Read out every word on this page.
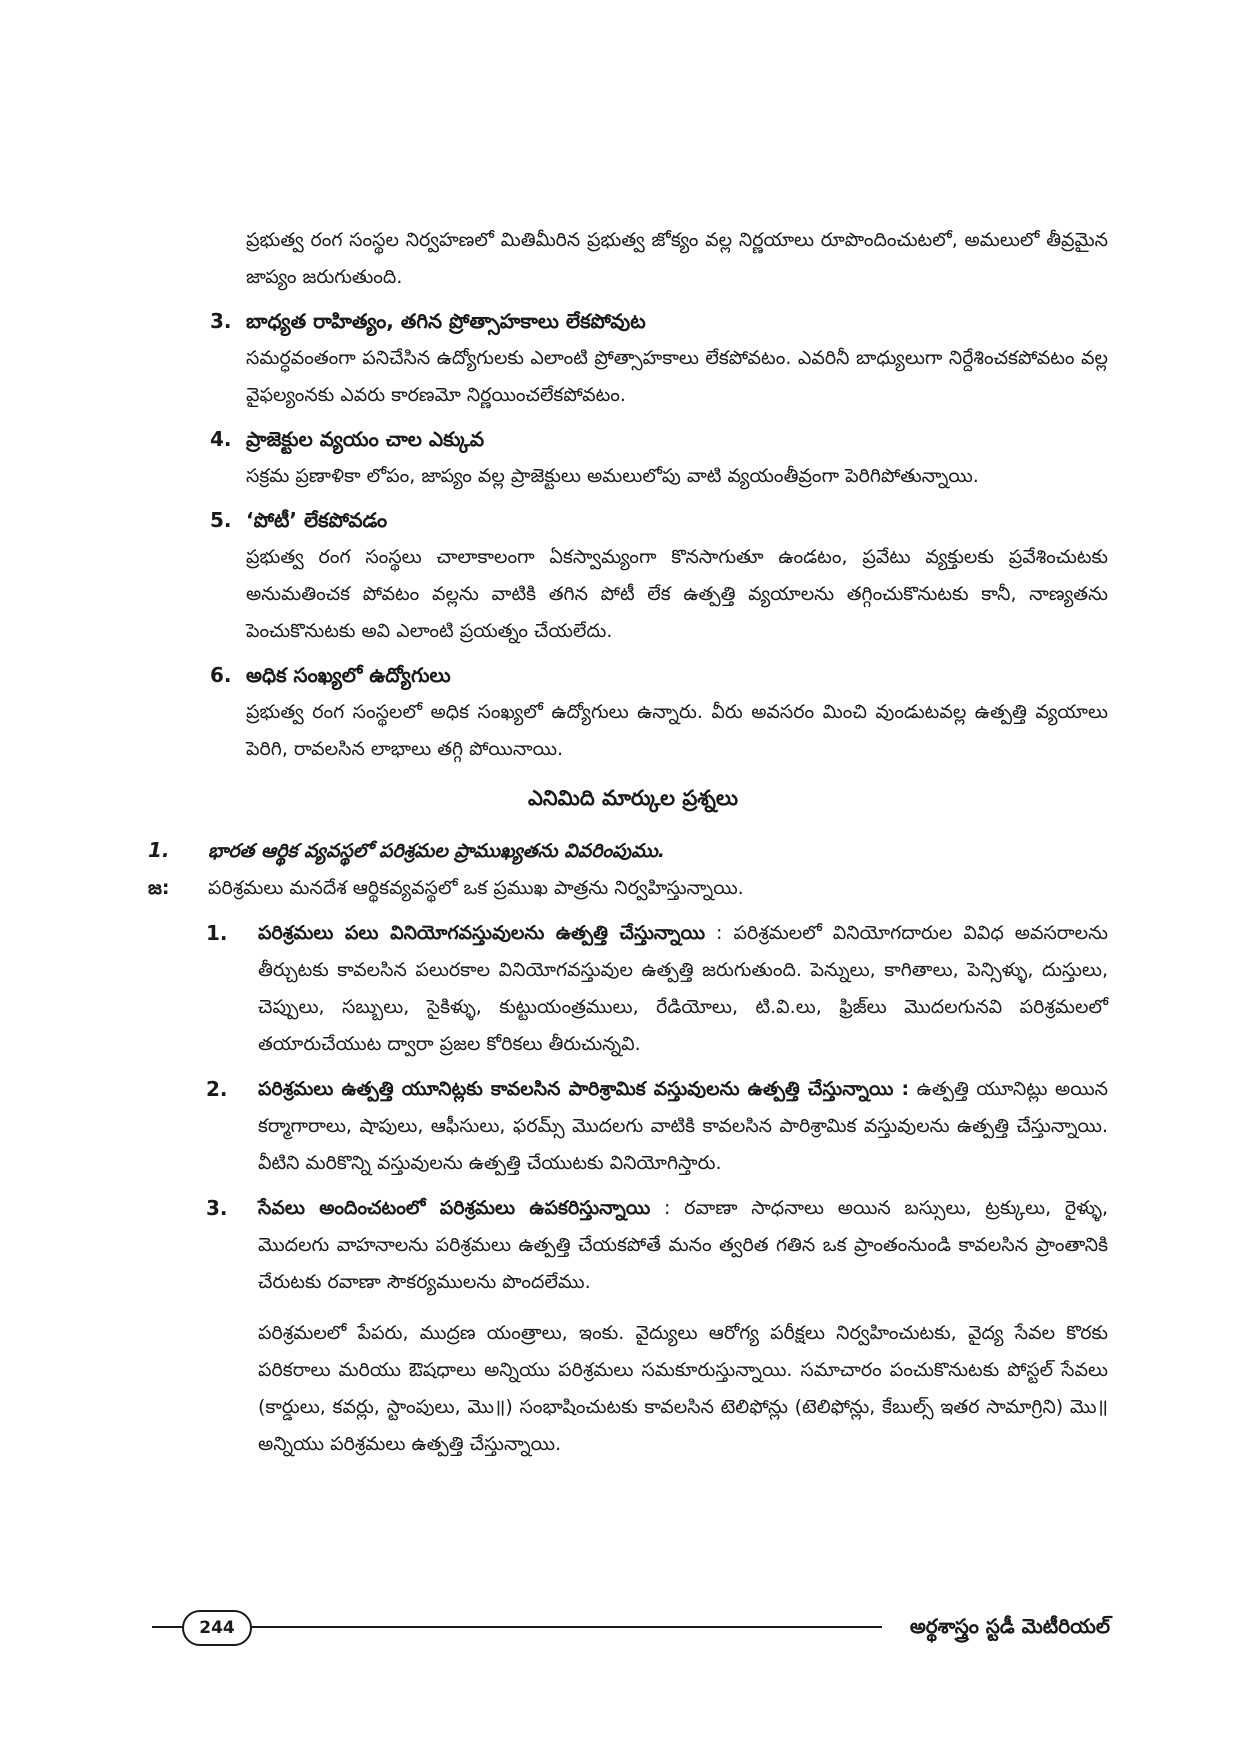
ప్రభుత్వ రంగ సంస్థల నిర్వహణలో మితిమీరిన ప్రభుత్వ జోక్యం వల్ల నిర్ణయాలు రూపొందించుటలో, అమలులో తీవ్రమైన జాప్యం జరుగుతుంది.

3. బాధ్యత రాహిత్యం, తగిన ప్రోత్సాహకాలు లేకపోవుట

సమర్ధవంతంగా పనిచేసిన ఉద్యోగులకు ఎలాంటి ప్రోత్సాహకాలు లేకపోవటం. ఎవరినీ బాధ్యులుగా నిర్దేశించకపోవటం వల్ల వైఫల్యంనకు ఎవరు కారణమో నిర్ణయించలేకపోవటం.

4. ప్రాజెక్టుల వ్యయం చాల ఎక్కువ

సక్రమ ప్రణాళికా లోపం, జాప్యం వల్ల ప్రాజెక్టులు అమలులోపు వాటి వ్యయంతీవ్రంగా పెరిగిపోతున్నాయి.

5. ‘పోటీ’ లేకపోవడం

ప్రభుత్వ రంగ సంస్థలు చాలాకాలంగా ఏకస్వామ్యంగా కొనసాగుతూ ఉండటం, ప్రవేటు వ్యక్తులకు ప్రవేశించుటకు అనుమతించక పోవటం వల్లను వాటికి తగిన పోటీ లేక ఉత్పత్తి వ్యయాలను తగ్గించుకొనుటకు కానీ, నాణ్యతను పెంచుకొనుటకు అవి ఎలాంటి ప్రయత్నం చేయలేదు.

6. అధిక సంఖ్యలో ఉద్యోగులు

ప్రభుత్వ రంగ సంస్థలలో అధిక సంఖ్యలో ఉద్యోగులు ఉన్నారు. వీరు అవసరం మించి వుండుటవల్ల ఉత్పత్తి వ్యయాలు పెరిగి, రావలసిన లాభాలు తగ్గి పోయినాయి.

ఎనిమిది మార్కుల ప్రశ్నలు
1.	భారత ఆర్థిక వ్యవస్థలో పరిశ్రమల ప్రాముఖ్యతను వివరింపుము.
జ:	పరిశ్రమలు మనదేశ ఆర్థికవ్యవస్థలో ఒక ప్రముఖ పాత్రను నిర్వహిస్తున్నాయి.
1.	పరిశ్రమలు పలు వినియోగవస్తువులను ఉత్పత్తి చేస్తున్నాయి : పరిశ్రమలలో వినియోగదారుల వివిధ అవసరాలను తీర్చుటకు కావలసిన పలురకాల వినియోగవస్తువుల ఉత్పత్తి జరుగుతుంది. పెన్నులు, కాగితాలు, పెన్సిళ్ళు, దుస్తులు, చెప్పులు, సబ్బులు, సైకిళ్ళు, కుట్టుయంత్రములు, రేడియోలు, టి.వి.లు, ఫ్రిజ్‌లు మొదలగునవి పరిశ్రమలలో తయారుచేయుట ద్వారా ప్రజల కోరికలు తీరుచున్నవి.
2.	పరిశ్రమలు ఉత్పత్తి యూనిట్లకు కావలసిన పారిశ్రామిక వస్తువులను ఉత్పత్తి చేస్తున్నాయి : ఉత్పత్తి యూనిట్లు అయిన కర్మాగారాలు, షాపులు, ఆఫీసులు, ఫరమ్స్ మొదలగు వాటికి కావలసిన పారిశ్రామిక వస్తువులను ఉత్పత్తి చేస్తున్నాయి. వీటిని మరికొన్ని వస్తువులను ఉత్పత్తి చేయుటకు వినియోగిస్తారు.
3.	సేవలు అందించటంలో పరిశ్రమలు ఉపకరిస్తున్నాయి : రవాణా సాధనాలు అయిన బస్సులు, ట్రక్కులు, రైళ్ళు, మొదలగు వాహనాలను పరిశ్రమలు ఉత్పత్తి చేయకపోతే మనం త్వరిత గతిన ఒక ప్రాంతంనుండి కావలసిన ప్రాంతానికి చేరుటకు రవాణా సౌకర్యములను పొందలేము.

పరిశ్రమలలో పేపరు, ముద్రణ యంత్రాలు, ఇంకు. వైద్యులు ఆరోగ్య పరీక్షలు నిర్వహించుటకు, వైద్య సేవల కొరకు పరికరాలు మరియు ఔషధాలు అన్నియు పరిశ్రమలు సమకూరుస్తున్నాయి. సమాచారం పంచుకొనుటకు పోస్టల్ సేవలు (కార్డులు, కవర్లు, స్టాంపులు, మొ॥) సంభాషించుటకు కావలసిన టెలిఫోన్లు (టెలిఫోన్లు, కేబుల్స్ ఇతర సామాగ్రిని) మొ॥ అన్నియు పరిశ్రమలు ఉత్పత్తి చేస్తున్నాయి.

244	అర్థశాస్త్రం స్టడీ మెటీరియల్
